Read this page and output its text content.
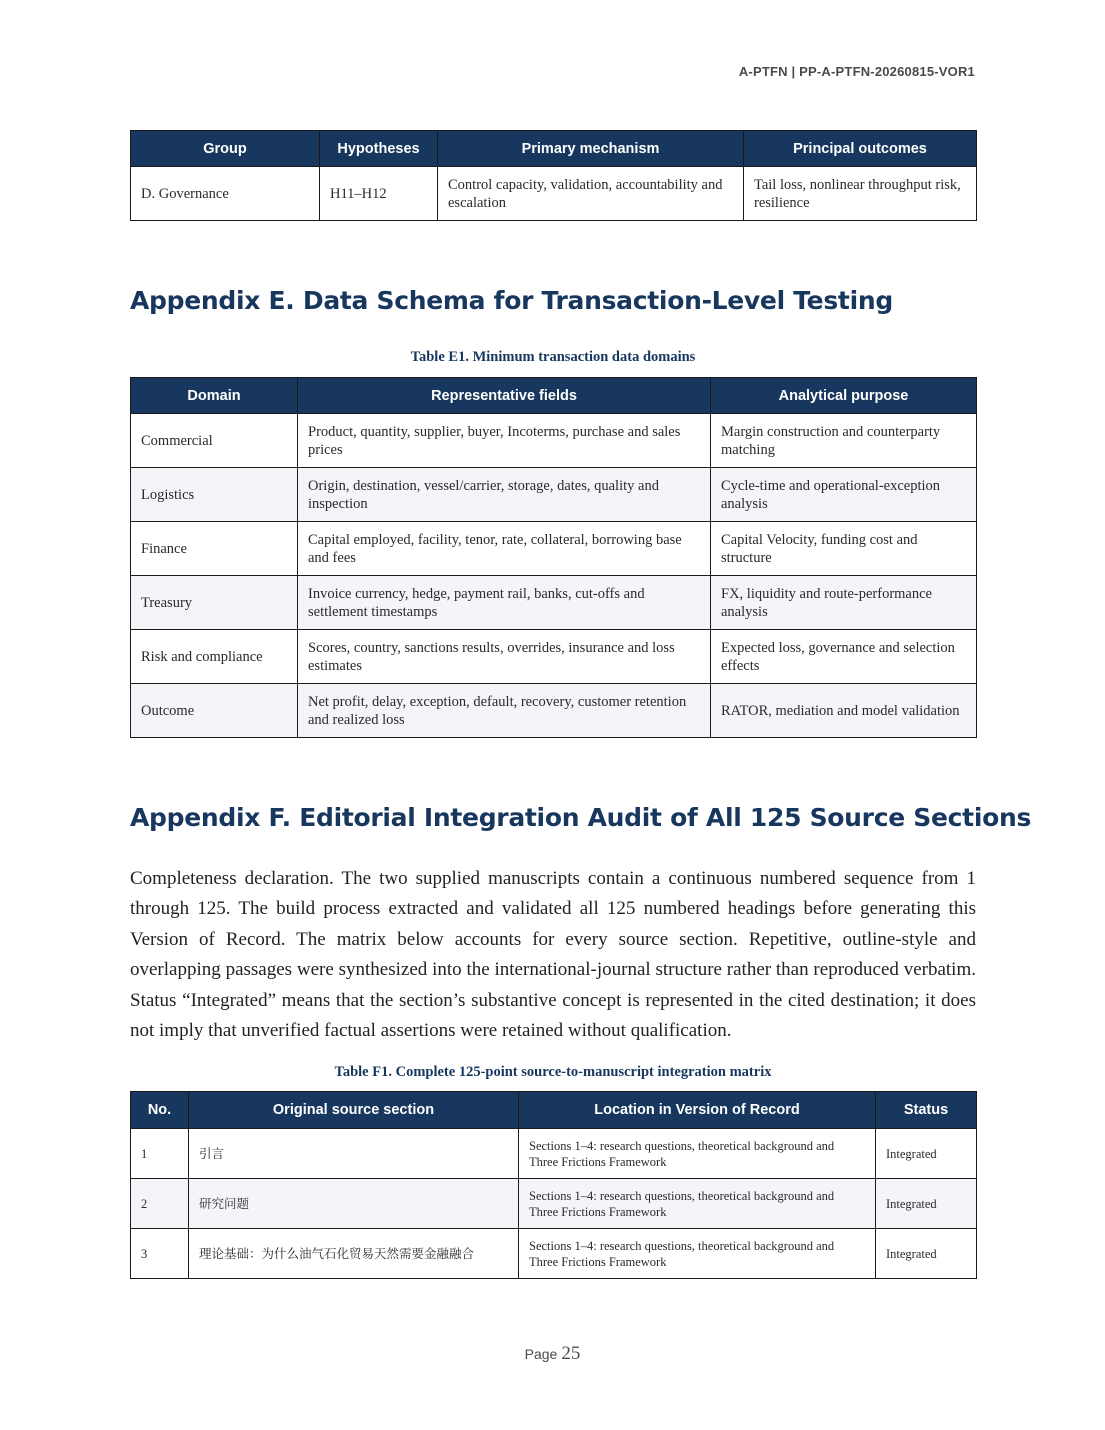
A-PTFN | PP-A-PTFN-20260815-VOR1
Group	Hypotheses	Primary mechanism	Principal outcomes
D. Governance	H11–H12	Control capacity, validation, accountability and escalation	Tail loss, nonlinear throughput risk, resilience
Appendix E. Data Schema for Transaction-Level Testing
Table E1. Minimum transaction data domains
Domain	Representative fields	Analytical purpose
Commercial	Product, quantity, supplier, buyer, Incoterms, purchase and sales prices	Margin construction and counterparty matching
Logistics	Origin, destination, vessel/carrier, storage, dates, quality and inspection	Cycle-time and operational-exception analysis
Finance	Capital employed, facility, tenor, rate, collateral, borrowing base and fees	Capital Velocity, funding cost and structure
Treasury	Invoice currency, hedge, payment rail, banks, cut-offs and settlement timestamps	FX, liquidity and route-performance analysis
Risk and compliance	Scores, country, sanctions results, overrides, insurance and loss estimates	Expected loss, governance and selection effects
Outcome	Net profit, delay, exception, default, recovery, customer retention and realized loss	RATOR, mediation and model validation
Appendix F. Editorial Integration Audit of All 125 Source Sections

Completeness declaration. The two supplied manuscripts contain a continuous numbered sequence from 1 through 125. The build process extracted and validated all 125 numbered headings before generating this Version of Record. The matrix below accounts for every source section. Repetitive, outline-style and overlapping passages were synthesized into the international-journal structure rather than reproduced verbatim. Status “Integrated” means that the section’s substantive concept is represented in the cited destination; it does not imply that unverified factual assertions were retained without qualification.

Table F1. Complete 125-point source-to-manuscript integration matrix
No.	Original source section	Location in Version of Record	Status
1	引言	Sections 1–4: research questions, theoretical background and Three Frictions Framework	Integrated
2	研究问题	Sections 1–4: research questions, theoretical background and Three Frictions Framework	Integrated
3	理论基础：为什么油气石化贸易天然需要金融融合	Sections 1–4: research questions, theoretical background and Three Frictions Framework	Integrated
Page 25
